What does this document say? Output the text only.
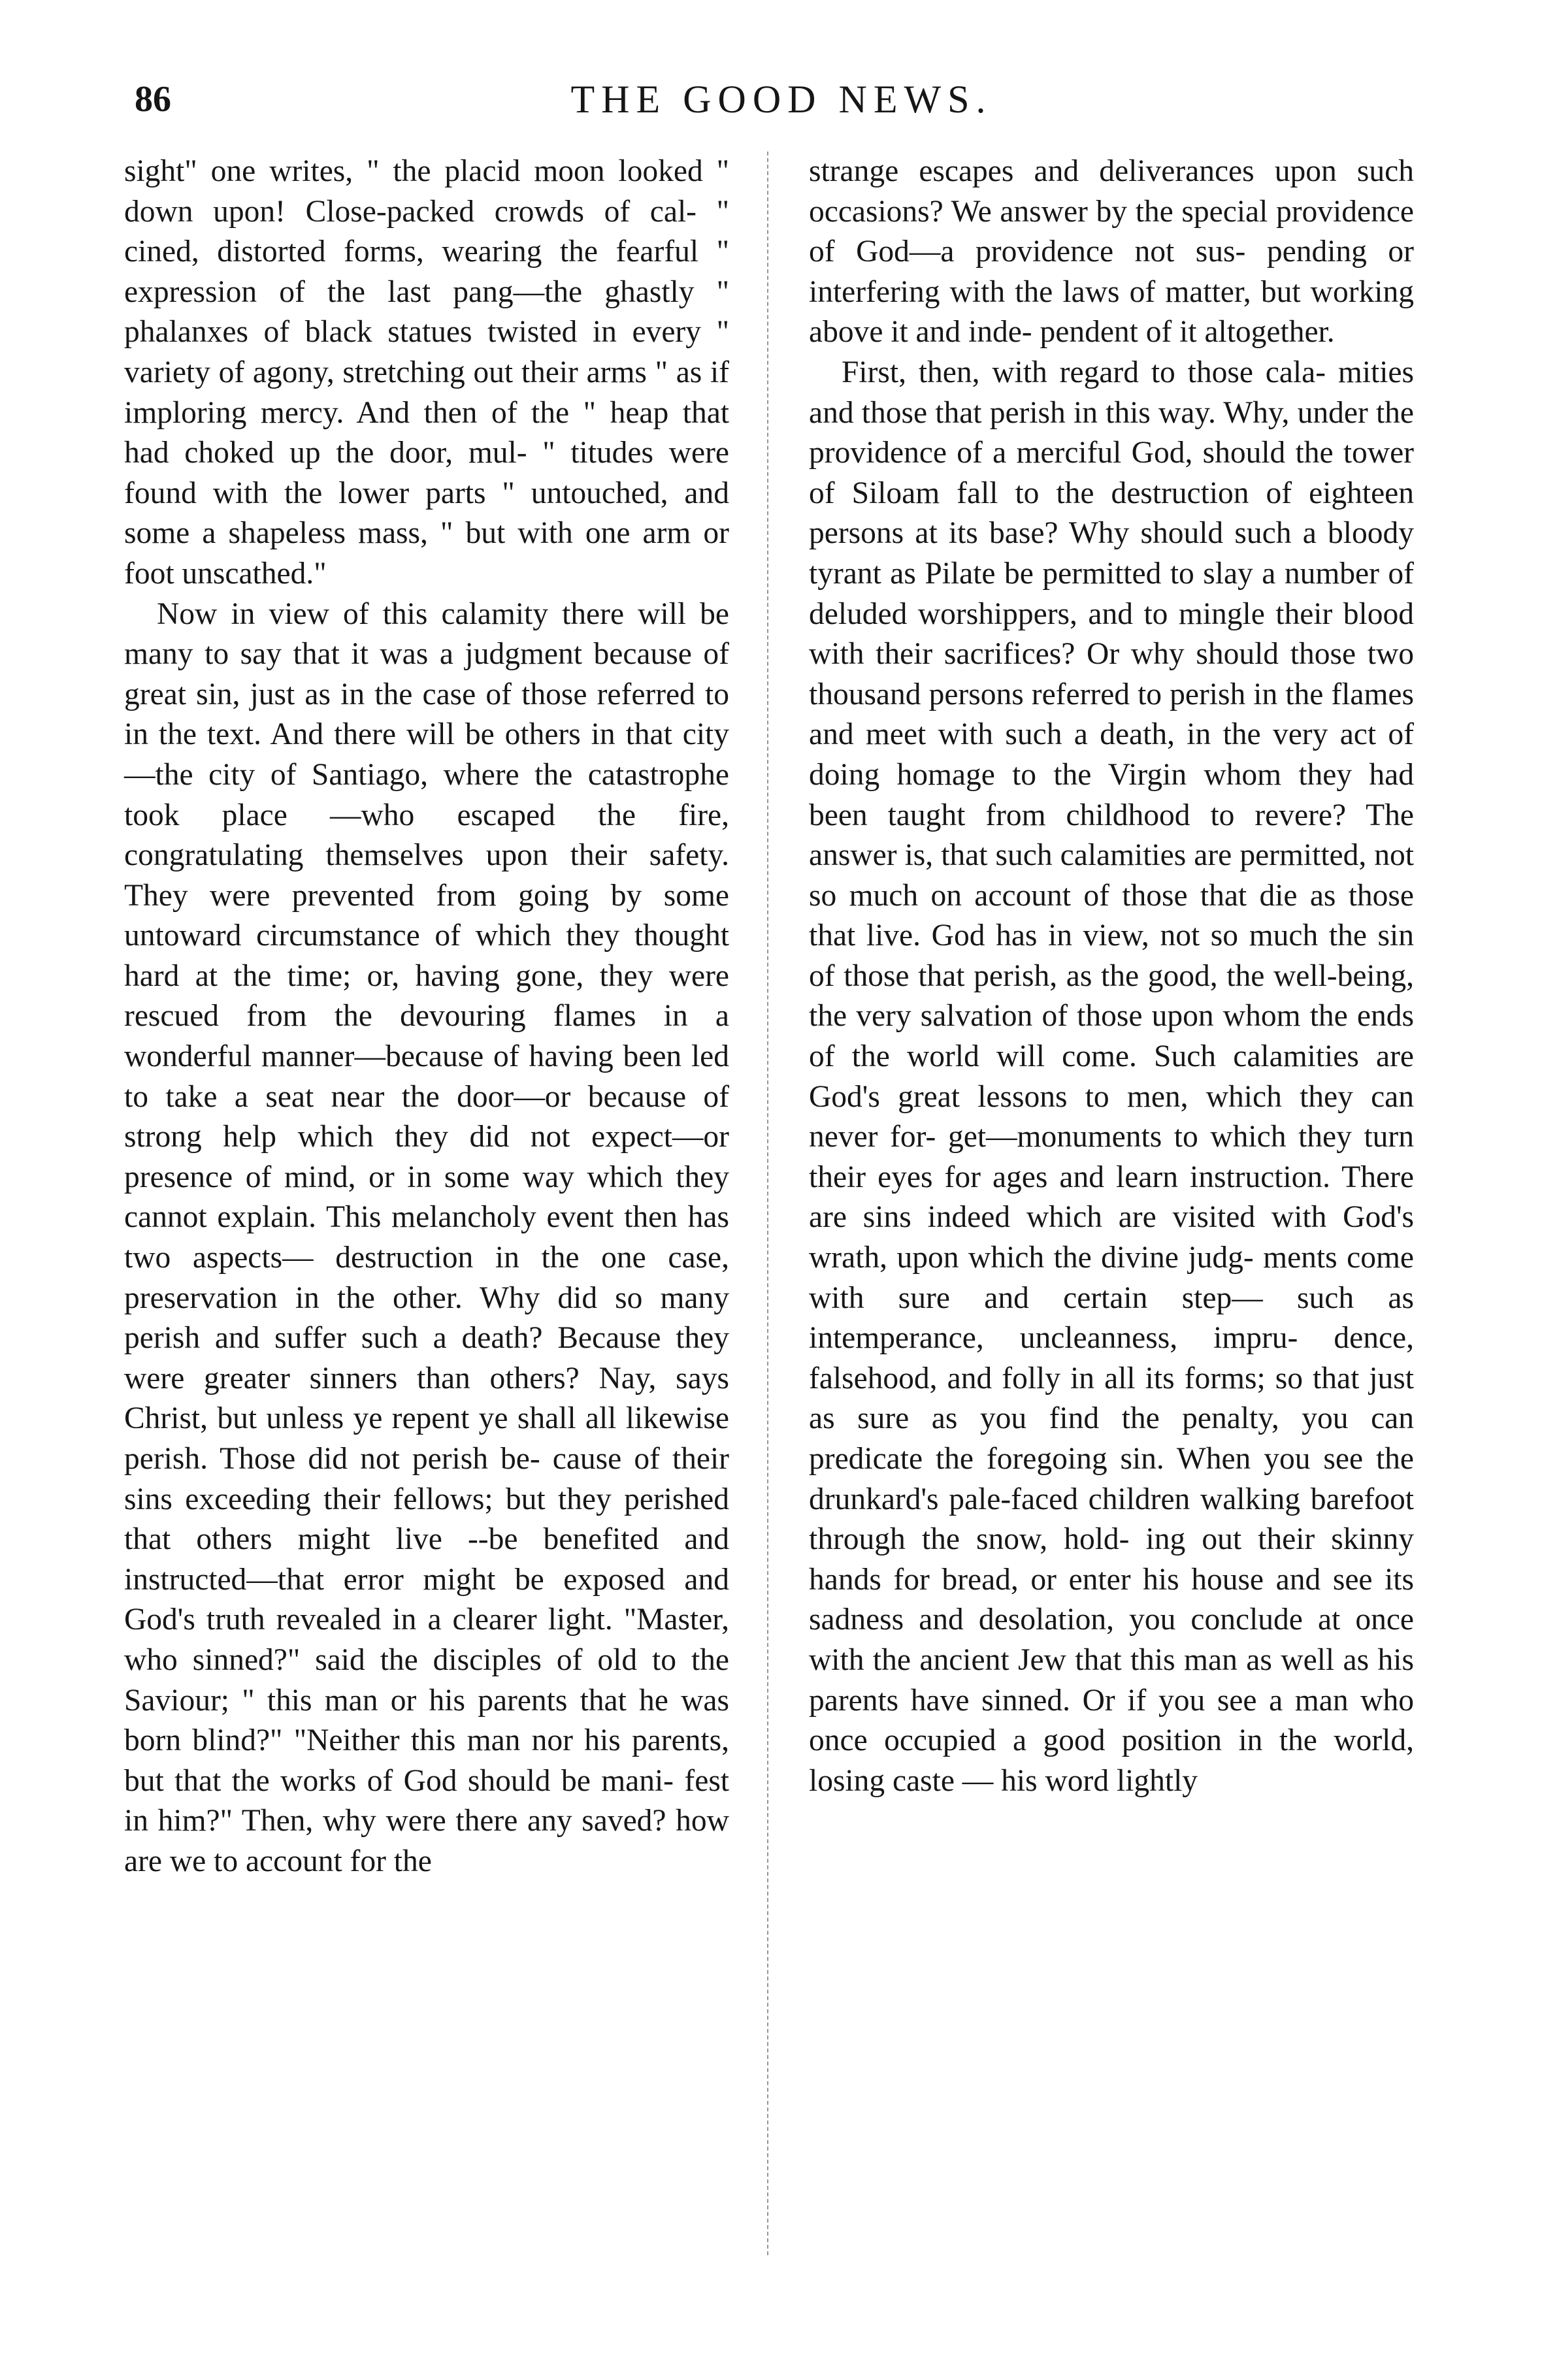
86	THE GOOD NEWS.

sight" one writes, " the placid moon looked " down upon! Close-packed crowds of cal- " cined, distorted forms, wearing the fearful " expression of the last pang—the ghastly " phalanxes of black statues twisted in every " variety of agony, stretching out their arms " as if imploring mercy. And then of the " heap that had choked up the door, mul- " titudes were found with the lower parts " untouched, and some a shapeless mass, " but with one arm or foot unscathed."

Now in view of this calamity there will be many to say that it was a judgment because of great sin, just as in the case of those referred to in the text. And there will be others in that city—the city of Santiago, where the catastrophe took place —who escaped the fire, congratulating themselves upon their safety. They were prevented from going by some untoward circumstance of which they thought hard at the time; or, having gone, they were rescued from the devouring flames in a wonderful manner—because of having been led to take a seat near the door—or because of strong help which they did not expect—or presence of mind, or in some way which they cannot explain. This melancholy event then has two aspects— destruction in the one case, preservation in the other. Why did so many perish and suffer such a death? Because they were greater sinners than others? Nay, says Christ, but unless ye repent ye shall all likewise perish. Those did not perish be- cause of their sins exceeding their fellows; but they perished that others might live --be benefited and instructed—that error might be exposed and God's truth revealed in a clearer light. "Master, who sinned?" said the disciples of old to the Saviour; " this man or his parents that he was born blind?" "Neither this man nor his parents, but that the works of God should be mani- fest in him?" Then, why were there any saved? how are we to account for the

strange escapes and deliverances upon such occasions? We answer by the special providence of God—a providence not sus- pending or interfering with the laws of matter, but working above it and inde- pendent of it altogether.

First, then, with regard to those cala- mities and those that perish in this way. Why, under the providence of a merciful God, should the tower of Siloam fall to the destruction of eighteen persons at its base? Why should such a bloody tyrant as Pilate be permitted to slay a number of deluded worshippers, and to mingle their blood with their sacrifices? Or why should those two thousand persons referred to perish in the flames and meet with such a death, in the very act of doing homage to the Virgin whom they had been taught from childhood to revere? The answer is, that such calamities are permitted, not so much on account of those that die as those that live. God has in view, not so much the sin of those that perish, as the good, the well-being, the very salvation of those upon whom the ends of the world will come. Such calamities are God's great lessons to men, which they can never for- get—monuments to which they turn their eyes for ages and learn instruction. There are sins indeed which are visited with God's wrath, upon which the divine judg- ments come with sure and certain step— such as intemperance, uncleanness, impru- dence, falsehood, and folly in all its forms; so that just as sure as you find the penalty, you can predicate the foregoing sin. When you see the drunkard's pale-faced children walking barefoot through the snow, hold- ing out their skinny hands for bread, or enter his house and see its sadness and desolation, you conclude at once with the ancient Jew that this man as well as his parents have sinned. Or if you see a man who once occupied a good position in the world, losing caste — his word lightly
